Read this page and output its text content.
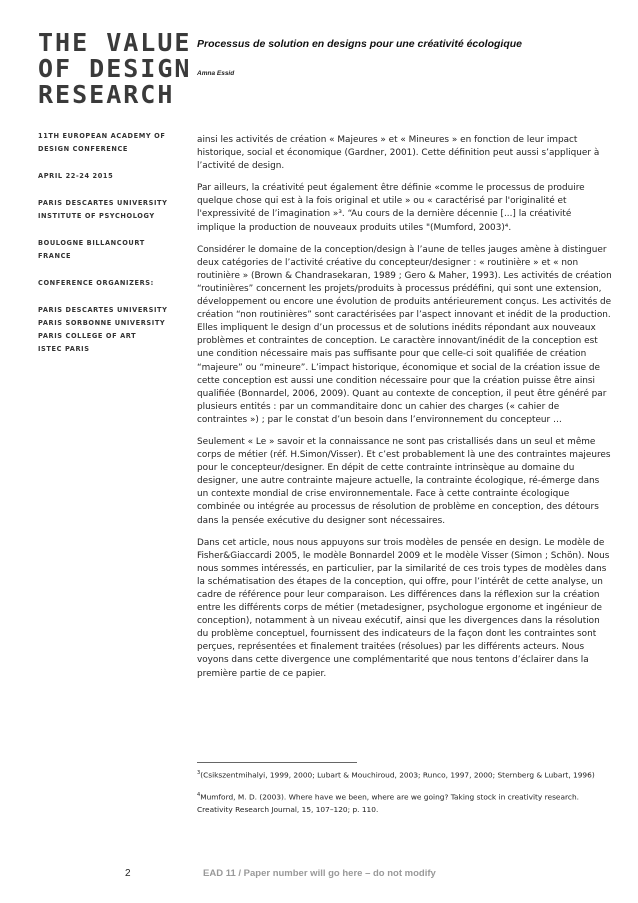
THE VALUE
OF DESIGN
RESEARCH
11TH EUROPEAN ACADEMY OF
DESIGN CONFERENCE
APRIL 22-24 2015
PARIS DESCARTES UNIVERSITY
INSTITUTE OF PSYCHOLOGY
BOULOGNE BILLANCOURT
FRANCE
CONFERENCE ORGANIZERS:
PARIS DESCARTES UNIVERSITY
PARIS SORBONNE UNIVERSITY
PARIS COLLEGE OF ART
ISTEC PARIS
Processus de solution en designs pour une créativité écologique
Amna Essid

ainsi les activités de création « Majeures » et « Mineures » en fonction de leur impact historique, social et économique (Gardner, 2001). Cette définition peut aussi s’appliquer à l’activité de design.

Par ailleurs, la créativité peut également être définie «comme le processus de produire quelque chose qui est à la fois original et utile » ou « caractérisé par l'originalité et l'expressivité de l’imagination »³. “Au cours de la dernière décennie [...] la créativité implique la production de nouveaux produits utiles "(Mumford, 2003)⁴.

Considérer le domaine de la conception/design à l’aune de telles jauges amène à distinguer deux catégories de l’activité créative du concepteur/designer : « routinière » et « non routinière » (Brown & Chandrasekaran, 1989 ; Gero & Maher, 1993). Les activités de création “routinières” concernent les projets/produits à processus prédéfini, qui sont une extension, développement ou encore une évolution de produits antérieurement conçus. Les activités de création “non routinières” sont caractérisées par l’aspect innovant et inédit de la production. Elles impliquent le design d’un processus et de solutions inédits répondant aux nouveaux problèmes et contraintes de conception. Le caractère innovant/inédit de la conception est une condition nécessaire mais pas suffisante pour que celle-ci soit qualifiée de création “majeure” ou “mineure”. L’impact historique, économique et social de la création issue de cette conception est aussi une condition nécessaire pour que la création puisse être ainsi qualifiée (Bonnardel, 2006, 2009). Quant au contexte de conception, il peut être généré par plusieurs entités : par un commanditaire donc un cahier des charges (« cahier de contraintes ») ; par le constat d’un besoin dans l’environnement du concepteur …

Seulement « Le » savoir et la connaissance ne sont pas cristallisés dans un seul et même corps de métier (réf. H.Simon/Visser). Et c’est probablement là une des contraintes majeures pour le concepteur/designer. En dépit de cette contrainte intrinsèque au domaine du designer, une autre contrainte majeure actuelle, la contrainte écologique, ré-émerge dans un contexte mondial de crise environnementale. Face à cette contrainte écologique combinée ou intégrée au processus de résolution de problème en conception, des détours dans la pensée exécutive du designer sont nécessaires.

Dans cet article, nous nous appuyons sur trois modèles de pensée en design. Le modèle de Fisher&Giaccardi 2005, le modèle Bonnardel 2009 et le modèle Visser (Simon ; Schön). Nous nous sommes intéressés, en particulier, par la similarité de ces trois types de modèles dans la schématisation des étapes de la conception, qui offre, pour l’intérêt de cette analyse, un cadre de référence pour leur comparaison. Les différences dans la réflexion sur la création entre les différents corps de métier (metadesigner, psychologue ergonome et ingénieur de conception), notamment à un niveau exécutif, ainsi que les divergences dans la résolution du problème conceptuel, fournissent des indicateurs de la façon dont les contraintes sont perçues, représentées et finalement traitées (résolues) par les différents acteurs. Nous voyons dans cette divergence une complémentarité que nous tentons d’éclairer dans la première partie de ce papier.

$^3$(Csikszentmihalyi, 1999, 2000; Lubart & Mouchiroud, 2003; Runco, 1997, 2000; Sternberg & Lubart, 1996)
$^4$Mumford, M. D. (2003). Where have we been, where are we going? Taking stock in creativity research. Creativity Research Journal, 15, 107–120; p. 110.
2	EAD 11 / Paper number will go here – do not modify
